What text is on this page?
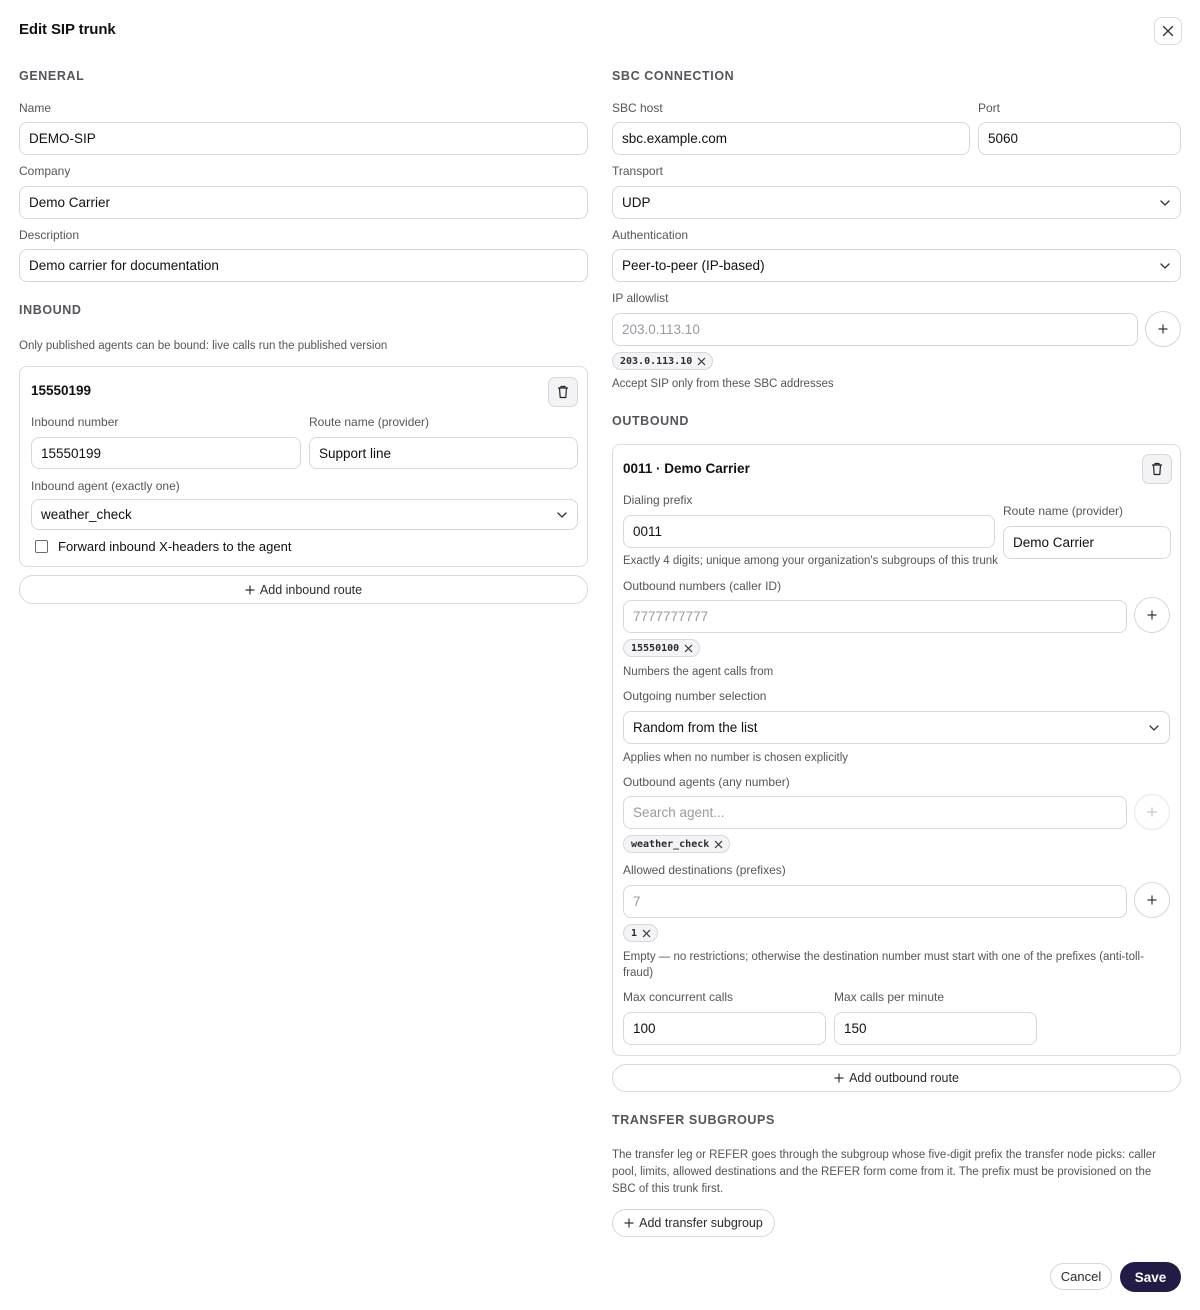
Edit SIP trunk
GENERAL
Name
DEMO-SIP
Company
Demo Carrier
Description
Demo carrier for documentation
INBOUND
Only published agents can be bound: live calls run the published version
15550199
Inbound number
15550199
Route name (provider)
Support line
Inbound agent (exactly one)
weather_check
Forward inbound X-headers to the agent
Add inbound route
SBC CONNECTION
SBC host
sbc.example.com
Port
5060
Transport
UDP
Authentication
Peer-to-peer (IP-based)
IP allowlist
203.0.113.10
203.0.113.10
Accept SIP only from these SBC addresses
OUTBOUND
0011 · Demo Carrier
Dialing prefix
0011
Exactly 4 digits; unique among your organization's subgroups of this trunk
Route name (provider)
Demo Carrier
Outbound numbers (caller ID)
7777777777
15550100
Numbers the agent calls from
Outgoing number selection
Random from the list
Applies when no number is chosen explicitly
Outbound agents (any number)
Search agent...
weather_check
Allowed destinations (prefixes)
7
1
Empty — no restrictions; otherwise the destination number must start with one of the prefixes (anti-toll-
fraud)
Max concurrent calls
100
Max calls per minute
150
Add outbound route
TRANSFER SUBGROUPS
The transfer leg or REFER goes through the subgroup whose five-digit prefix the transfer node picks: caller
pool, limits, allowed destinations and the REFER form come from it. The prefix must be provisioned on the
SBC of this trunk first.
Add transfer subgroup
Cancel	Save
